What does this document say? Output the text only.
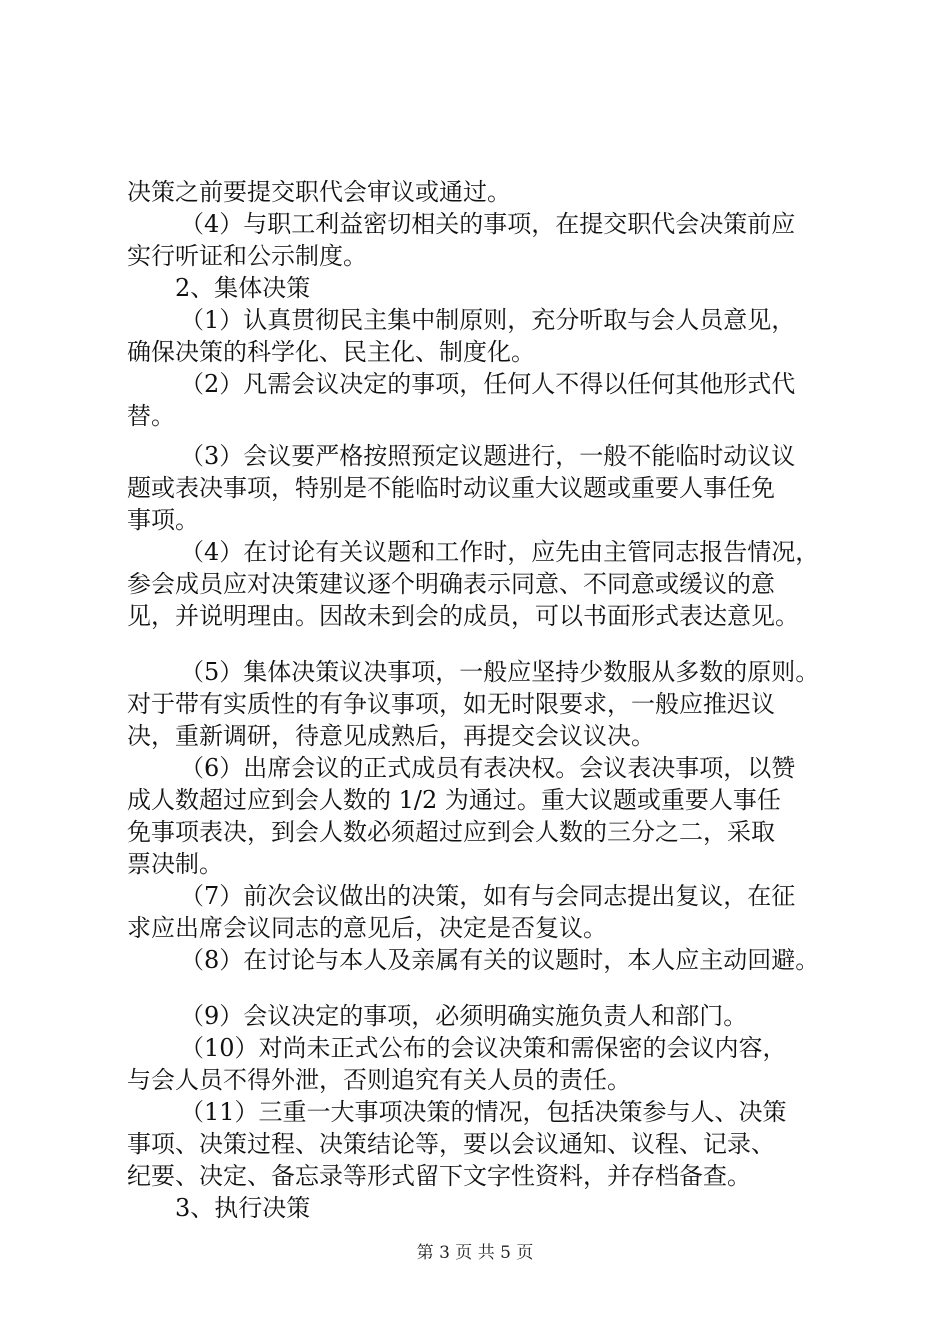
决策之前要提交职代会审议或通过。
（4）与职工利益密切相关的事项，在提交职代会决策前应
实行听证和公示制度。
2、集体决策
（1）认真贯彻民主集中制原则，充分听取与会人员意见，
确保决策的科学化、民主化、制度化。
（2）凡需会议决定的事项，任何人不得以任何其他形式代
替。
（3）会议要严格按照预定议题进行，一般不能临时动议议
题或表决事项，特别是不能临时动议重大议题或重要人事任免
事项。
（4）在讨论有关议题和工作时，应先由主管同志报告情况，
参会成员应对决策建议逐个明确表示同意、不同意或缓议的意
见，并说明理由。因故未到会的成员，可以书面形式表达意见。
（5）集体决策议决事项，一般应坚持少数服从多数的原则。
对于带有实质性的有争议事项，如无时限要求，一般应推迟议
决，重新调研，待意见成熟后，再提交会议议决。
（6）出席会议的正式成员有表决权。会议表决事项，以赞
成人数超过应到会人数的 1/2 为通过。重大议题或重要人事任
免事项表决，到会人数必须超过应到会人数的三分之二，采取
票决制。
（7）前次会议做出的决策，如有与会同志提出复议，在征
求应出席会议同志的意见后，决定是否复议。
（8）在讨论与本人及亲属有关的议题时，本人应主动回避。
（9）会议决定的事项，必须明确实施负责人和部门。
（10）对尚未正式公布的会议决策和需保密的会议内容，
与会人员不得外泄，否则追究有关人员的责任。
（11）三重一大事项决策的情况，包括决策参与人、决策
事项、决策过程、决策结论等，要以会议通知、议程、记录、
纪要、决定、备忘录等形式留下文字性资料，并存档备查。
3、执行决策
第 3 页 共 5 页
